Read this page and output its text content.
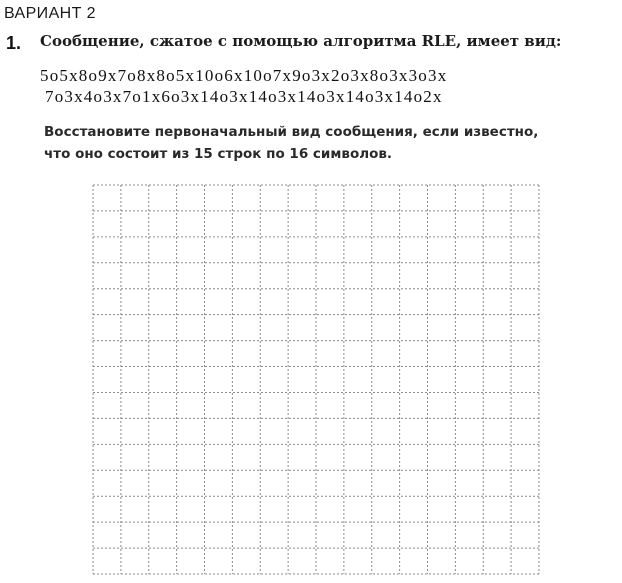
ВАРИАНТ 2
1. Сообщение, сжатое с помощью алгоритма RLE, имеет вид:
5о5х8о9х7о8х8о5х10о6х10о7х9о3х2о3х8о3х3о3х
7о3х4о3х7о1х6о3х14о3х14о3х14о3х14о3х14о2х
Восстановите первоначальный вид сообщения, если известно,
что оно состоит из 15 строк по 16 символов.
